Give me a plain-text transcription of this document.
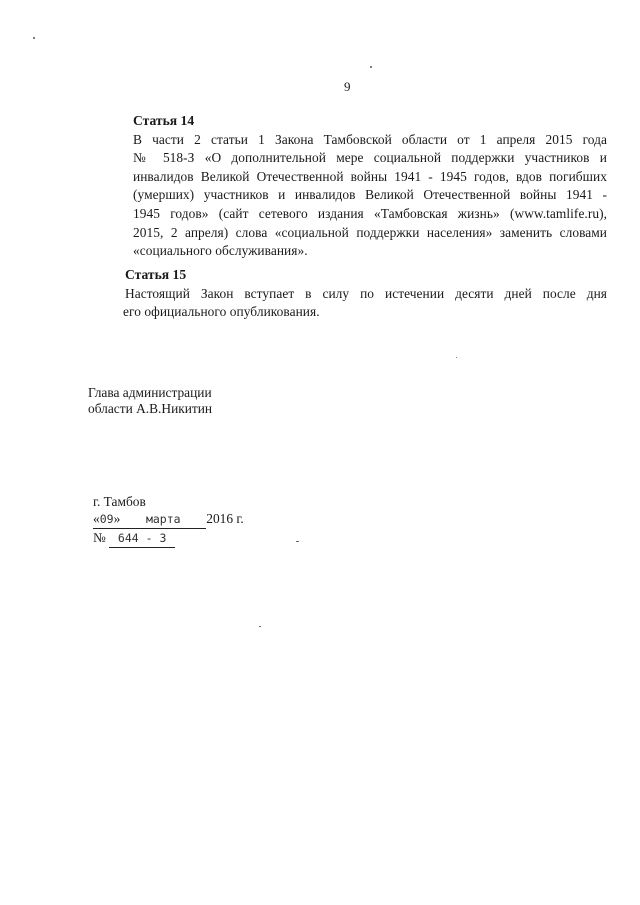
9
Статья 14

В части 2 статьи 1 Закона Тамбовской области от 1 апреля 2015 года
№ 518-З «О дополнительной мере социальной поддержки участников и
инвалидов Великой Отечественной войны 1941 - 1945 годов, вдов погибших
(умерших) участников и инвалидов Великой Отечественной войны 1941 -
1945 годов» (сайт сетевого издания «Тамбовская жизнь» (www.tamlife.ru),
2015, 2 апреля) слова «социальной поддержки населения» заменить словами
«социального обслуживания».

Статья 15

Настоящий Закон вступает в силу по истечении десяти дней после дня
его официального опубликования.

Глава администрации
области А.В.Никитин
г. Тамбов
«09» марта 2016 г.
№ 644 - З
